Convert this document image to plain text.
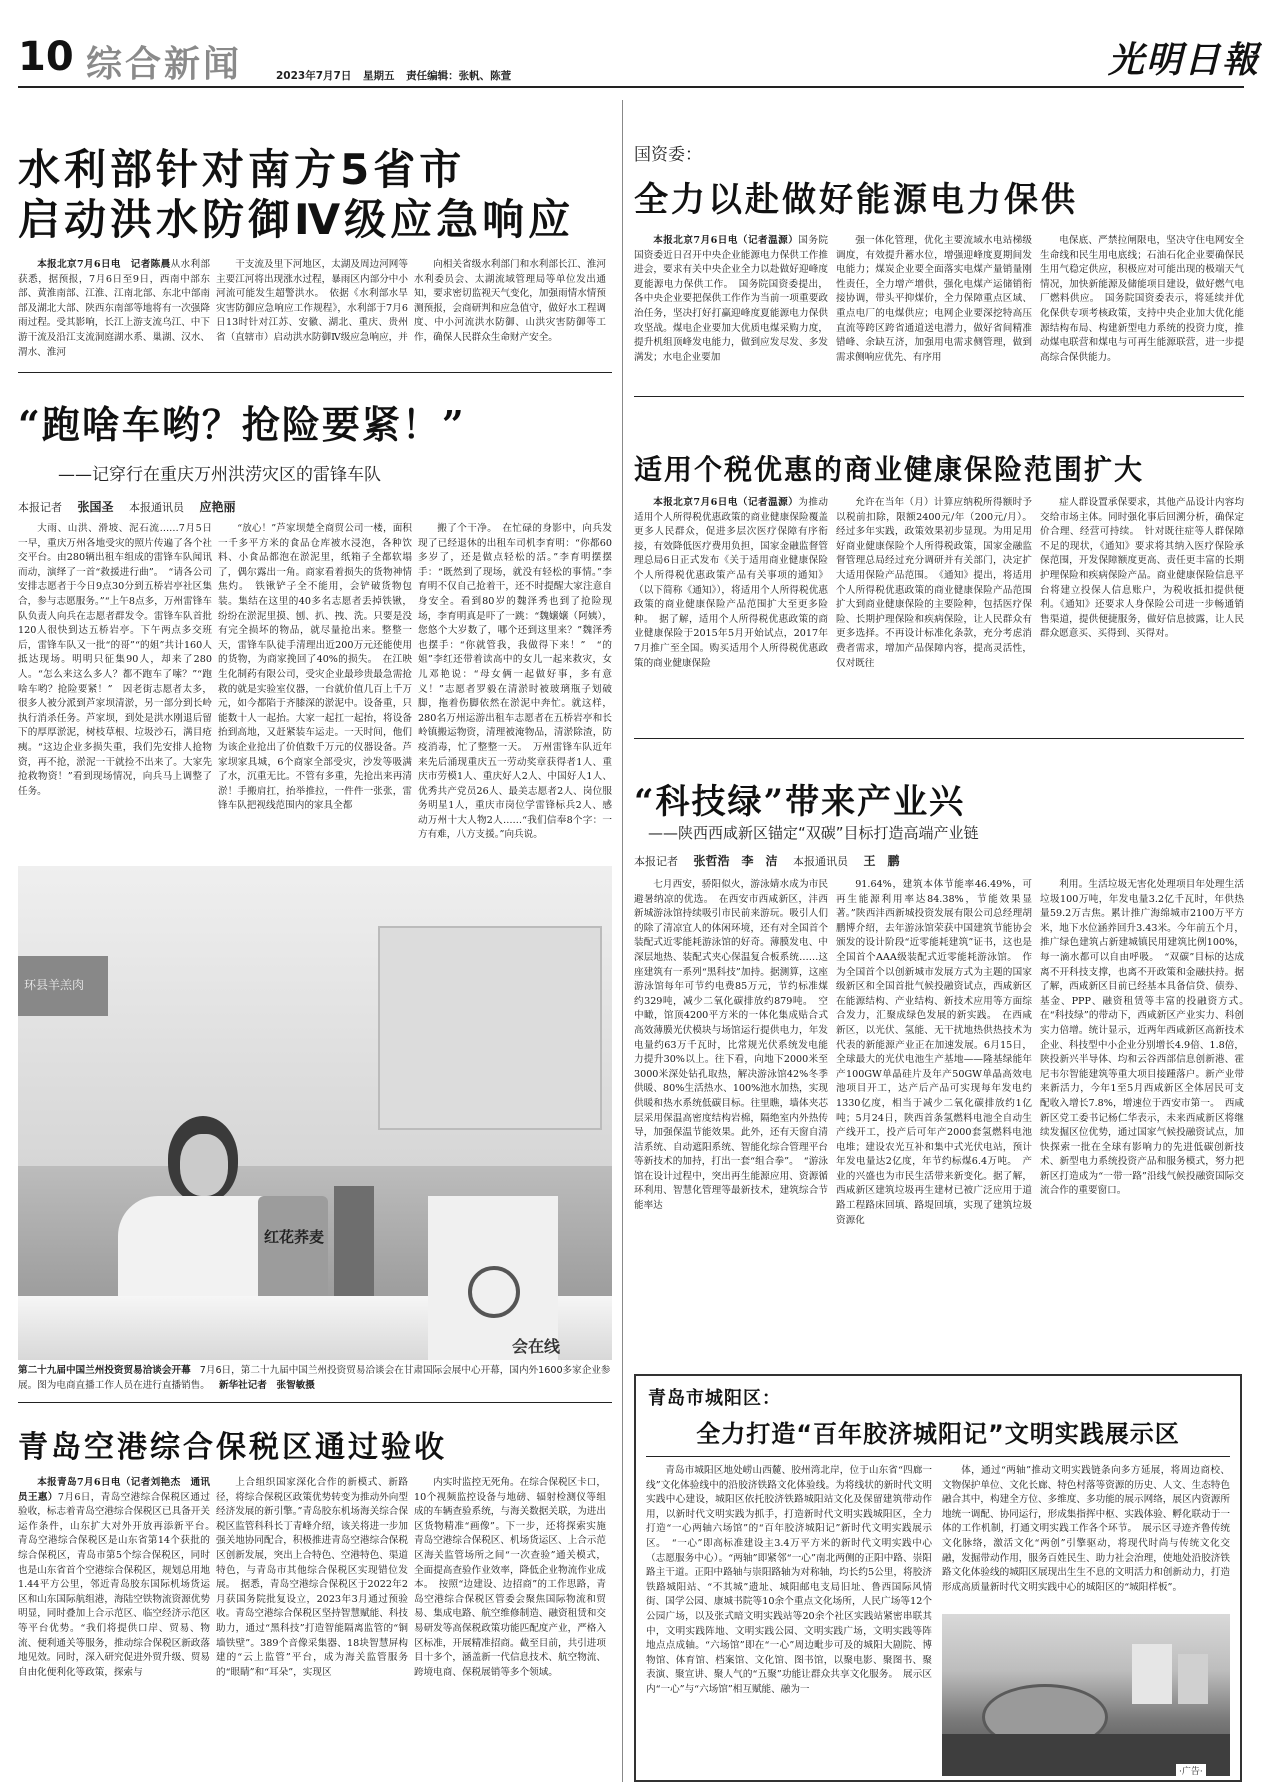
10 综合新闻	2023年7月7日 星期五 责任编辑：张帆、陈萱	光明日報
水利部针对南方5省市
启动洪水防御Ⅳ级应急响应

本报北京7月6日电　记者陈晨从水利部获悉，据预报，7月6日至9日，西南中部东部、黄淮南部、江淮、江南北部、东北中部南部及湖北大部、陕西东南部等地将有一次强降雨过程。受其影响，长江上游支流乌江、中下游干流及沿江支流洞庭湖水系、巢湖、汉水、渭水、淮河

干支流及里下河地区，太湖及周边河网等主要江河将出现涨水过程，暴雨区内部分中小河流可能发生超警洪水。　依据《水利部水旱灾害防御应急响应工作规程》，水利部于7月6日13时针对江苏、安徽、湖北、重庆、贵州省（直辖市）启动洪水防御Ⅳ级应急响应，并

向相关省级水利部门和水利部长江、淮河水利委员会、太湖流域管理局等单位发出通知，要求密切监视天气变化，加强雨情水情预测预报，会商研判和应急值守，做好水工程调度、中小河流洪水防御、山洪灾害防御等工作，确保人民群众生命财产安全。

“跑啥车哟？抢险要紧！”
——记穿行在重庆万州洪涝灾区的雷锋车队
本报记者 张国圣 本报通讯员 应艳丽

大雨、山洪、滑坡、泥石流……7月5日一早，重庆万州各地受灾的照片传遍了各个社交平台。由280辆出租车组成的雷锋车队闻讯而动，演绎了一首“救援进行曲”。　“请各公司安排志愿者于今日9点30分到五桥岩亭社区集合，参与志愿服务。”“上午8点多，万州雷锋车队负责人向兵在志愿者群发令。雷锋车队首批120人很快到达五桥岩亭。下午两点多交班后，雷锋车队又一批“的哥”“的姐”共计160人抵达现场。明明只征集90人，却来了280人。“怎么来这么多人？都不跑车了嗦？”“跑啥车哟？抢险要紧！”　因老街志愿者太多，很多人被分派到芦家坝清淤，另一部分到长岭执行消杀任务。芦家坝，到处是洪水刚退后留下的厚厚淤泥，树枝草根、垃圾沙石，满目疮痍。“这边企业多损失重，我们先安排人抢物资，再不抢，淤泥一干就捡不出来了。大家先抢救物资！”看到现场情况，向兵马上调整了任务。

“放心！”芦家坝楚全商贸公司一楼，面积一千多平方米的食品仓库被水浸泡，各种饮料、小食品都泡在淤泥里，纸箱子全都软塌了，偶尔露出一角。商家看着损失的货物神情焦灼。　铁锹铲子全不能用，会铲破货物包装。集结在这里的40多名志愿者丢掉铁锹，纷纷在淤泥里摸、刨、扒、拽、洗。只要是没有完全损坏的物品，就尽量抢出来。整整一天，雷锋车队徒手清理出近200万元还能使用的货物，为商家挽回了40%的损失。　在江映生化制药有限公司，受灾企业最珍贵最急需抢救的就是实验室仪器，一台就价值几百上千万元，如今都陷于齐膝深的淤泥中。设备重，只能数十人一起抬。大家一起扛一起抬，将设备抬到高地，又赶紧装车运走。一天时间，他们为该企业抢出了价值数千万元的仪器设备。芦家坝家具城，6个商家全部受灾，沙发等吸满了水，沉重无比。不管有多重，先抢出来再清淤！手搬肩扛，抬举推拉，一件件一张张，雷锋车队把视线范围内的家具全都

搬了个干净。　在忙碌的身影中，向兵发现了已经退休的出租车司机李育明：“你都60多岁了，还是做点轻松的活。”李育明摆摆手：“既然到了现场，就没有轻松的事情。”李育明不仅自己抢着干，还不时提醒大家注意自身安全。看到80岁的魏泽秀也到了抢险现场，李育明真是吓了一跳：“魏嬢嬢（阿姨），您悠个大岁数了，哪个还到这里来？”魏泽秀也摆手：“你就管我，我做得下来！”　“的姐”李红还带着读高中的女儿一起来救灾，女儿邓艳说：“母女俩一起做好事，多有意义！”志愿者罗毅在清淤时被玻璃瓶子划破脚，拖着伤脚依然在淤泥中奔忙。就这样，280名万州运游出租车志愿者在五桥岩亭和长岭镇搬运物资，清理被淹物品，清淤除渣，防疫消毒，忙了整整一天。　万州雷锋车队近年来先后涌现重庆五一劳动奖章获得者1人、重庆市劳模1人、重庆好人2人、中国好人1人、优秀共产党员26人、最美志愿者2人、岗位服务明星1人，重庆市岗位学雷锋标兵2人、感动万州十大人物2人……“我们信奉8个字：一方有难，八方支援。”向兵说。

环县羊羔肉
红花荞麦
会在线
第二十九届中国兰州投资贸易洽谈会开幕 7月6日，第二十九届中国兰州投资贸易洽谈会在甘肃国际会展中心开幕，国内外1600多家企业参展。图为电商直播工作人员在进行直播销售。 新华社记者　张智敏摄
青岛空港综合保税区通过验收

本报青岛7月6日电（记者刘艳杰　通讯员王惠）7月6日，青岛空港综合保税区通过验收，标志着青岛空港综合保税区已具备开关运作条件，山东扩大对外开放再添新平台。　青岛空港综合保税区是山东省第14个获批的综合保税区，青岛市第5个综合保税区，同时也是山东省首个空港综合保税区，规划总用地1.44平方公里，邻近青岛胶东国际机场货运区和山东国际航组港，海陆空铁物流资源优势明显，同时叠加上合示范区、临空经济示范区等平台优势。“我们将提供口岸、贸易、物流、便利通关等服务，推动综合保税区新政落地见效。同时，深入研究促进外贸升级、贸易自由化便利化等政策，探索与

上合组织国家深化合作的新模式、新路径，将综合保税区政策优势转变为推动外向型经济发展的新引擎。”青岛胶东机场海关综合保税区监管科科长丁青峰介绍，该关将进一步加强关地协同配合，积极推进青岛空港综合保税区创新发展，突出上合特色、空港特色、渠道特色，与青岛市其他综合保税区实现错位发展。　据悉，青岛空港综合保税区于2022年2月获国务院批复设立，2023年3月通过预验收。青岛空港综合保税区坚持智慧赋能、科技助力，通过“黑科技”打造智能隔离监管的“铜墙铁壁”。389个音像采集器、18块智慧屏构建的“云上监管”平台，成为海关监管服务的“眼睛”和“耳朵”，实现区

内实时监控无死角。在综合保税区卡口，10个视频监控设备与地磅、辐射检测仪等组成的车辆查验系统，与海关数据关联，为进出区货物精准“画像”。下一步，还将探索实施青岛空港综合保税区、机场货运区、上合示范区海关监管场所之间“一次查验”通关模式，全面提高查验作业效率，降低企业物流作业成本。　按照“边建设、边招商”的工作思路，青岛空港综合保税区管委会聚焦国际物流和贸易、集成电路、航空维修制造、融资租赁和交易研发等高保税政策功能匹配度产业，严格入区标准，开展精准招商。截至目前，共引进项目十多个，涵盖新一代信息技术、航空物流、跨境电商、保税展销等多个领域。

国资委：
全力以赴做好能源电力保供

本报北京7月6日电（记者温源）国务院国资委近日召开中央企业能源电力保供工作推进会，要求有关中央企业全力以赴做好迎峰度夏能源电力保供工作。　国务院国资委提出，各中央企业要把保供工作作为当前一项重要政治任务，坚决打好打赢迎峰度夏能源电力保供攻坚战。煤电企业要加大优质电煤采购力度，提升机组顶峰发电能力，做到应发尽发、多发满发；水电企业要加

强一体化管理，优化主要流域水电站梯级调度，有效提升蓄水位，增强迎峰度夏期间发电能力；煤炭企业要全面落实电煤产量销量刚性责任，全力增产增供，强化电煤产运储销衔接协调，带头平抑煤价，全力保障重点区域、重点电厂的电煤供应；电网企业要深挖特高压直流等跨区跨省通道送电潜力，做好省间精准错峰、余缺互济，加强用电需求侧管理，做到需求侧响应优先、有序用

电保底、严禁拉闸限电，坚决守住电网安全生命线和民生用电底线；石油石化企业要确保民生用气稳定供应，积极应对可能出现的极端天气情况，加快新能源及储能项目建设，做好燃气电厂燃料供应。　国务院国资委表示，将延续并优化保供专项考核政策，支持中央企业加大优化能源结构布局、构建新型电力系统的投资力度，推动煤电联营和煤电与可再生能源联营，进一步提高综合保供能力。

适用个税优惠的商业健康保险范围扩大

本报北京7月6日电（记者温源）为推动适用个人所得税优惠政策的商业健康保险覆盖更多人民群众，促进多层次医疗保障有序衔接，有效降低医疗费用负担，国家金融监督管理总局6日正式发布《关于适用商业健康保险个人所得税优惠政策产品有关事项的通知》（以下简称《通知》），将适用个人所得税优惠政策的商业健康保险产品范围扩大至更多险种。　据了解，适用个人所得税优惠政策的商业健康保险于2015年5月开始试点，2017年7月推广至全国。购买适用个人所得税优惠政策的商业健康保险

允许在当年（月）计算应纳税所得额时予以税前扣除，限额2400元/年（200元/月）。经过多年实践，政策效果初步显现。为用足用好商业健康保险个人所得税政策，国家金融监督管理总局经过充分调研并有关部门，决定扩大适用保险产品范围。　《通知》提出，将适用个人所得税优惠政策的商业健康保险产品范围扩大到商业健康保险的主要险种，包括医疗保险、长期护理保险和疾病保险，让人民群众有更多选择。不再设计标准化条款，充分考虑消费者需求，增加产品保障内容，提高灵活性，仅对既往

症人群设置承保要求，其他产品设计内容均交给市场主体。同时强化事后回溯分析，确保定价合理、经营可持续。　针对既往症等人群保障不足的现状，《通知》要求将其纳入医疗保险承保范围，开发保障额度更高、责任更丰富的长期护理保险和疾病保险产品。商业健康保险信息平台将建立投保人信息账户，为税收抵扣提供便利。《通知》还要求人身保险公司进一步畅通销售渠道，提供便捷服务，做好信息披露，让人民群众愿意买、买得到、买得对。

“科技绿”带来产业兴
——陕西西咸新区锚定“双碳”目标打造高端产业链
本报记者 张哲浩　李　洁 本报通讯员 王　鹏

七月西安，骄阳似火，游泳婧水成为市民避暑纳凉的优选。　在西安市西咸新区，沣西新城游泳馆持续吸引市民前来游玩。吸引人们的除了清凉宜人的体闲环境，还有对全国首个装配式近零能耗游泳馆的好奇。薄膜发电、中深层地热、装配式夹心保温复合板系统……这座建筑有一系列“黑科技”加持。据测算，这座游泳馆每年可节约电费85万元，节约标准煤约329吨，减少二氧化碳排放约879吨。　空中瞰，馆顶4200平方米的一体化集成贴合式高效薄膜光伏模块与场馆运行提供电力，年发电量约63万千瓦时，比常规光伏系统发电能力提升30%以上。往下看，向地下2000米至3000米深处钻孔取热，解决游泳馆42%冬季供暖、80%生活热水、100%池水加热，实现供暖和热水系统低碳目标。往里瞧，墙体夹芯层采用保温高密度结构岩棉，隔绝室内外热传导，加强保温节能效果。此外，还有天窗自清洁系统、自动遮阳系统、智能化综合管理平台等新技术的加持，打出一套“组合拳”。　“游泳馆在设计过程中，突出再生能源应用、资源循环利用、智慧化管理等最新技术，建筑综合节能率达

91.64%，建筑本体节能率46.49%，可再生能源利用率达84.38%，节能效果显著。”陕西沣西新城投资发展有限公司总经理胡鹏博介绍，去年游泳馆荣获中国建筑节能协会颁发的设计阶段“近零能耗建筑”证书，这也是全国首个AAA级装配式近零能耗游泳馆。　作为全国首个以创新城市发展方式为主题的国家级新区和全国首批气候投融资试点，西咸新区在能源结构、产业结构、新技术应用等方面综合发力，汇聚成绿色发展的新实践。　在西咸新区，以光伏、氢能、无干扰地热供热技术为代表的新能源产业正在加速发展。6月15日，全球最大的光伏电池生产基地——隆基绿能年产100GW单晶硅片及年产50GW单晶高效电池项目开工，达产后产品可实现每年发电约1330亿度，相当于减少二氧化碳排放约1亿吨；5月24日，陕西首条氢燃料电池全自动生产线开工，投产后可年产2000套氢燃料电池电堆；建设农光互补和集中式光伏电站，预计年发电量达2亿度，年节约标煤6.4万吨。　产业的兴盛也为市民生活带来新变化。据了解，西咸新区建筑垃圾再生建材已被广泛应用于道路工程路床回填、路堤回填，实现了建筑垃圾资源化

利用。生活垃圾无害化处理项目年处理生活垃圾100万吨，年发电量3.2亿千瓦时，年供热量59.2万吉焦。累计推广海绵城市2100万平方米，地下水位涵养回升3.43米。今年前五个月，推广绿色建筑占新建城镇民用建筑比例100%，每一滴水都可以自由呼吸。　“双碳”目标的达成离不开科技支撑，也离不开政策和金融扶持。据了解，西咸新区目前已经基本具备信贷、债券、基金、PPP、融资租赁等丰富的投融资方式。　在“科技绿”的带动下，西咸新区产业实力、科创实力倍增。统计显示，近两年西咸新区高新技术企业、科技型中小企业分别增长4.9倍、1.8倍，陕投新兴半导体、均和云谷西部信息创新港、霍尼韦尔智能建筑等重大项目接踵落户。新产业带来新活力，今年1至5月西咸新区全体居民可支配收入增长7.8%，增速位于西安市第一。　西咸新区党工委书记杨仁华表示，未来西咸新区将继续发掘区位优势，通过国家气候投融资试点，加快探索一批在全球有影响力的先进低碳创新技术、新型电力系统投资产品和服务模式，努力把新区打造成为“一带一路”沿线气候投融资国际交流合作的重要窗口。

青岛市城阳区：
全力打造“百年胶济城阳记”文明实践展示区

青岛市城阳区地处崂山西麓、胶州湾北岸，位于山东省“四廊一线”文化体验线中的沿胶济铁路文化体验线。为将线状的新时代文明实践中心建设，城阳区依托胶济铁路城阳站文化及保留建筑带动作用，以新时代文明实践为抓手，打造新时代文明实践城阳区，全力打造“一心两轴六场馆”的“百年胶济城阳记”新时代文明实践展示区。　“一心”即高标准建设主3.4万平方米的新时代文明实践中心（志愿服务中心）。“两轴”即紧邻“一心”南北两侧的正阳中路、崇阳路主干道。正阳中路轴与崇阳路轴为对称轴，均长约5公里，将胶济铁路城阳站、“不其城”遗址、城阳邮电支局旧址、鲁西国际风情街、国学公园、康城书院等10余个重点文化场所，人民广场等12个公园广场，以及张式暗文明实践站等20余个社区实践站紧密串联其中，文明实践阵地、文明实践公园、文明实践广场，文明实践等阵地点点成轴。“六场馆”即在“一心”周边毗步可及的城阳大剧院、博物馆、体育馆、档案馆、文化馆、图书馆，以聚电影、聚图书、聚表演、聚宣讲、聚人气的“五聚”功能让群众共享文化服务。　展示区内“一心”与“六场馆”相互赋能、融为一

体，通过“两轴”推动文明实践链条向多方延展，将周边商校、文物保护单位、文化长廊、特色村落等资源的历史、人文、生态特色融合其中，构建全方位、多维度、多功能的展示网络，展区内资源所地统一调配、协同运行，形成集指挥中枢、实践体验、孵化联动于一体的工作机制，打通文明实践工作各个环节。　展示区寻迹齐鲁传统文化脉络，激活文化“两创”引擎驱动，将现代时尚与传统文化交融，发掘带动作用，服务百姓民生、助力社会治理，使地处沿胶济铁路文化体验线的城阳区展现出生生不息的文明活力和创新动力，打造形成高质量新时代文明实践中心的城阳区的“城阳样板”。

·广告·
